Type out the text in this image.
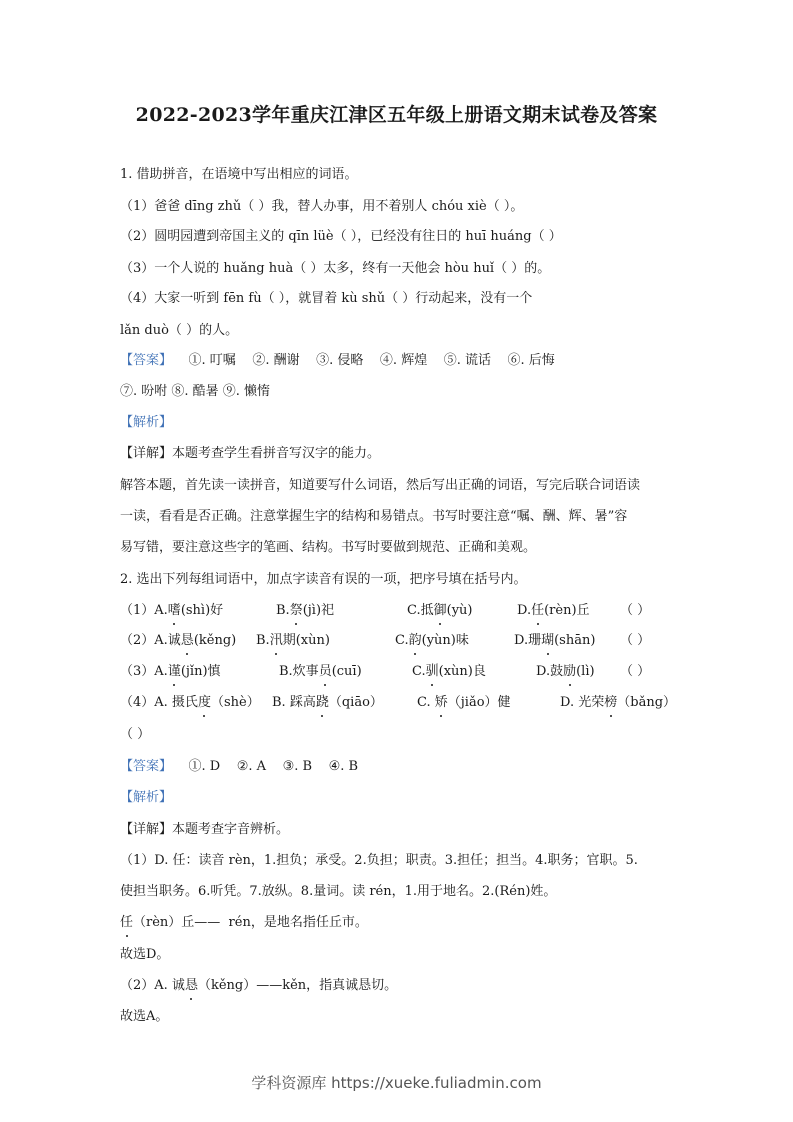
2022-2023学年重庆江津区五年级上册语文期末试卷及答案
1. 借助拼音，在语境中写出相应的词语。
（1）爸爸 dīng zhǔ（ ）我，替人办事，用不着别人 chóu xiè（ ）。
（2）圆明园遭到帝国主义的 qīn lüè（ ），已经没有往日的 huī huáng（ ）
（3）一个人说的 huǎng huà（ ）太多，终有一天他会 hòu huǐ（ ）的。
（4）大家一听到 fēn fù（ ），就冒着 kù shǔ（ ）行动起来，没有一个
lǎn duò（ ）的人。
【答案】    ①. 叮嘱    ②. 酬谢    ③. 侵略    ④. 辉煌    ⑤. 谎话    ⑥. 后悔
⑦. 吩咐 ⑧. 酷暑 ⑨. 懒惰
【解析】
【详解】本题考查学生看拼音写汉字的能力。
解答本题，首先读一读拼音，知道要写什么词语，然后写出正确的词语，写完后联合词语读
一读，看看是否正确。注意掌握生字的结构和易错点。书写时要注意“嘱、酬、辉、暑”容
易写错，要注意这些字的笔画、结构。书写时要做到规范、正确和美观。
2. 选出下列每组词语中，加点字读音有误的一项，把序号填在括号内。
（1）A.嗜(shì)好	B.祭(jì)祀	C.抵御(yù)	D.任(rèn)丘 （ ）
（2）A.诚恳(kěng) B.汛期(xùn)	C.韵(yùn)味	D.珊瑚(shān) （ ）
（3）A.谨(jǐn)慎	B.炊事员(cuī)	C.驯(xùn)良	D.鼓励(lì) （ ）
（4）A. 摄氏度（shè） B. 踩高跷（qiāo）	C. 矫（jiǎo）健	D. 光荣榜（bǎng）
（ ）
【答案】    ①. D    ②. A    ③. B    ④. B
【解析】
【详解】本题考查字音辨析。
（1）D. 任：读音 rèn，1.担负；承受。2.负担；职责。3.担任；担当。4.职务；官职。5.
使担当职务。6.听凭。7.放纵。8.量词。读 rén，1.用于地名。2.(Rén)姓。
任（rèn）丘——  rén，是地名指任丘市。
故选D。
（2）A. 诚恳（kěng）——kěn，指真诚恳切。
故选A。
学科资源库 https://xueke.fuliadmin.com
